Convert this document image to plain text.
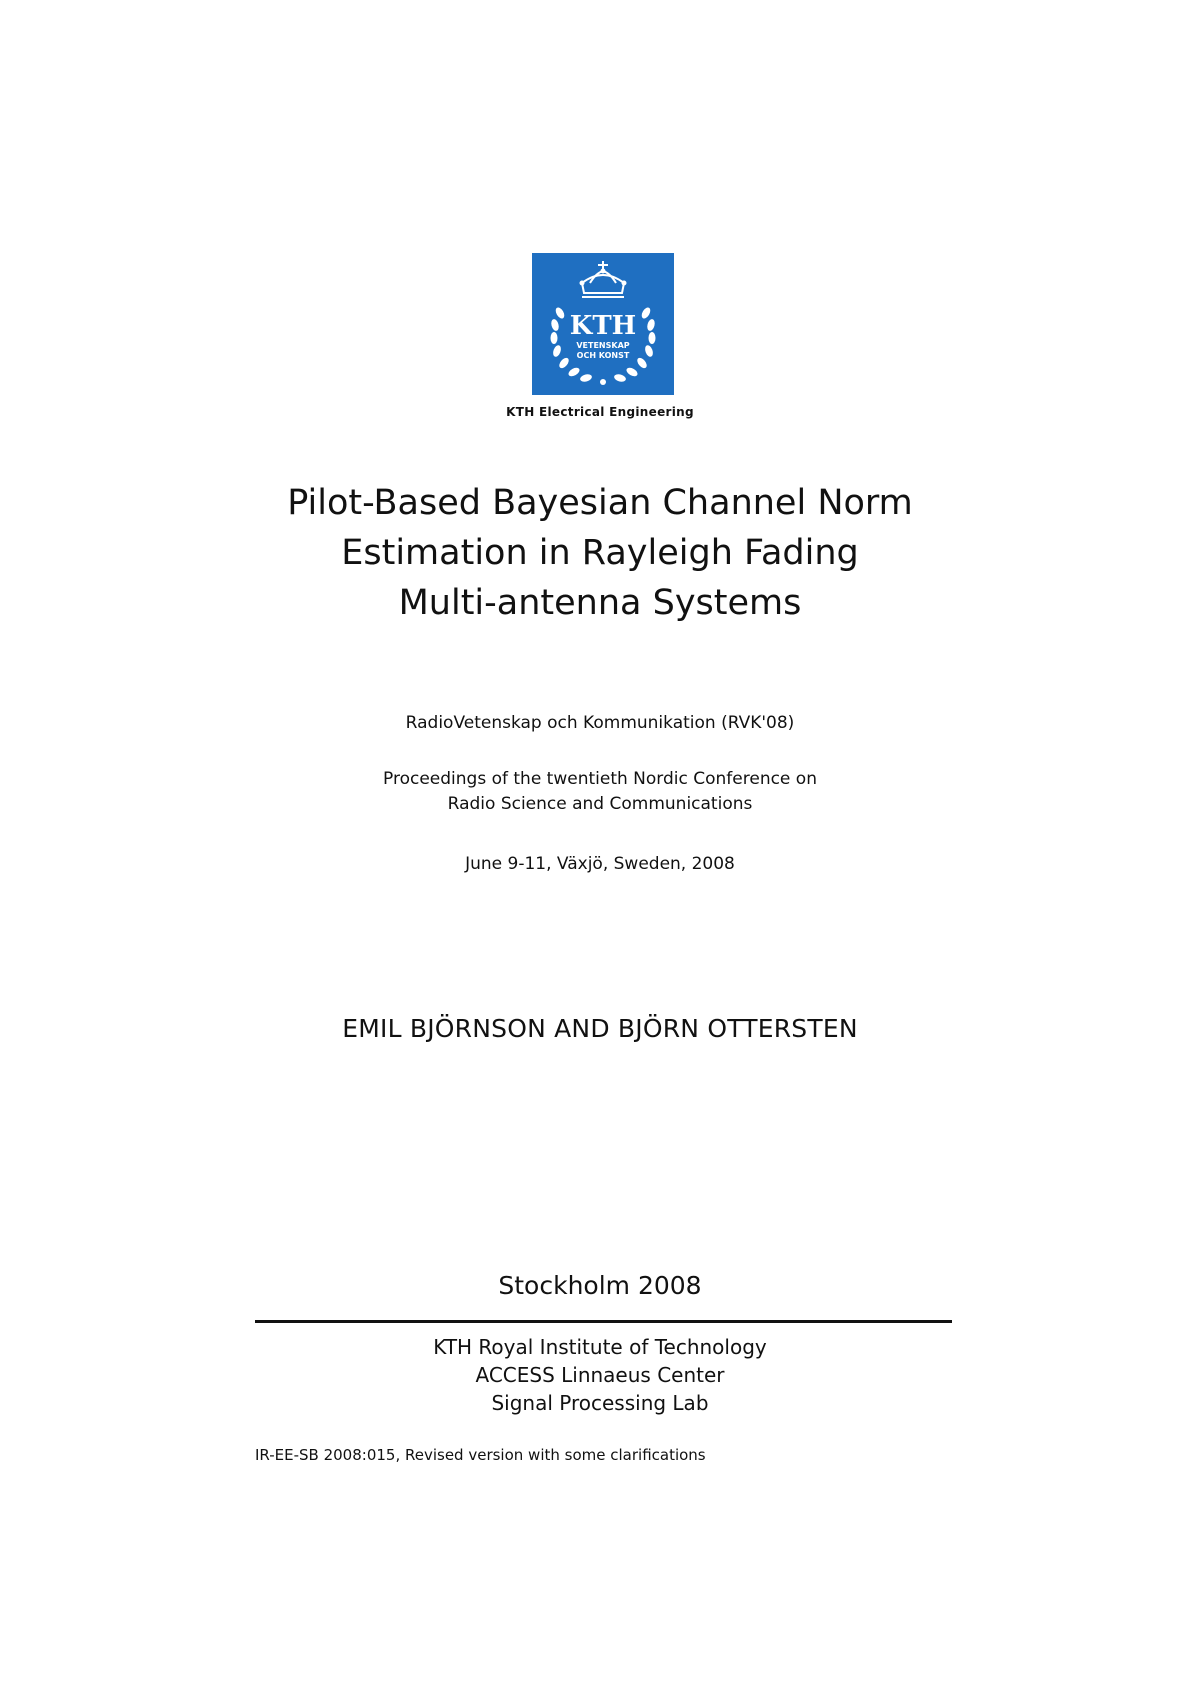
KTH
VETENSKAP
OCH KONST
KTH Electrical Engineering
Pilot-Based Bayesian Channel Norm
Estimation in Rayleigh Fading
Multi-antenna Systems
RadioVetenskap och Kommunikation (RVK'08)
Proceedings of the twentieth Nordic Conference on
Radio Science and Communications
June 9-11, Växjö, Sweden, 2008
EMIL BJÖRNSON AND BJÖRN OTTERSTEN
Stockholm 2008
KTH Royal Institute of Technology
ACCESS Linnaeus Center
Signal Processing Lab
IR-EE-SB 2008:015, Revised version with some clarifications
